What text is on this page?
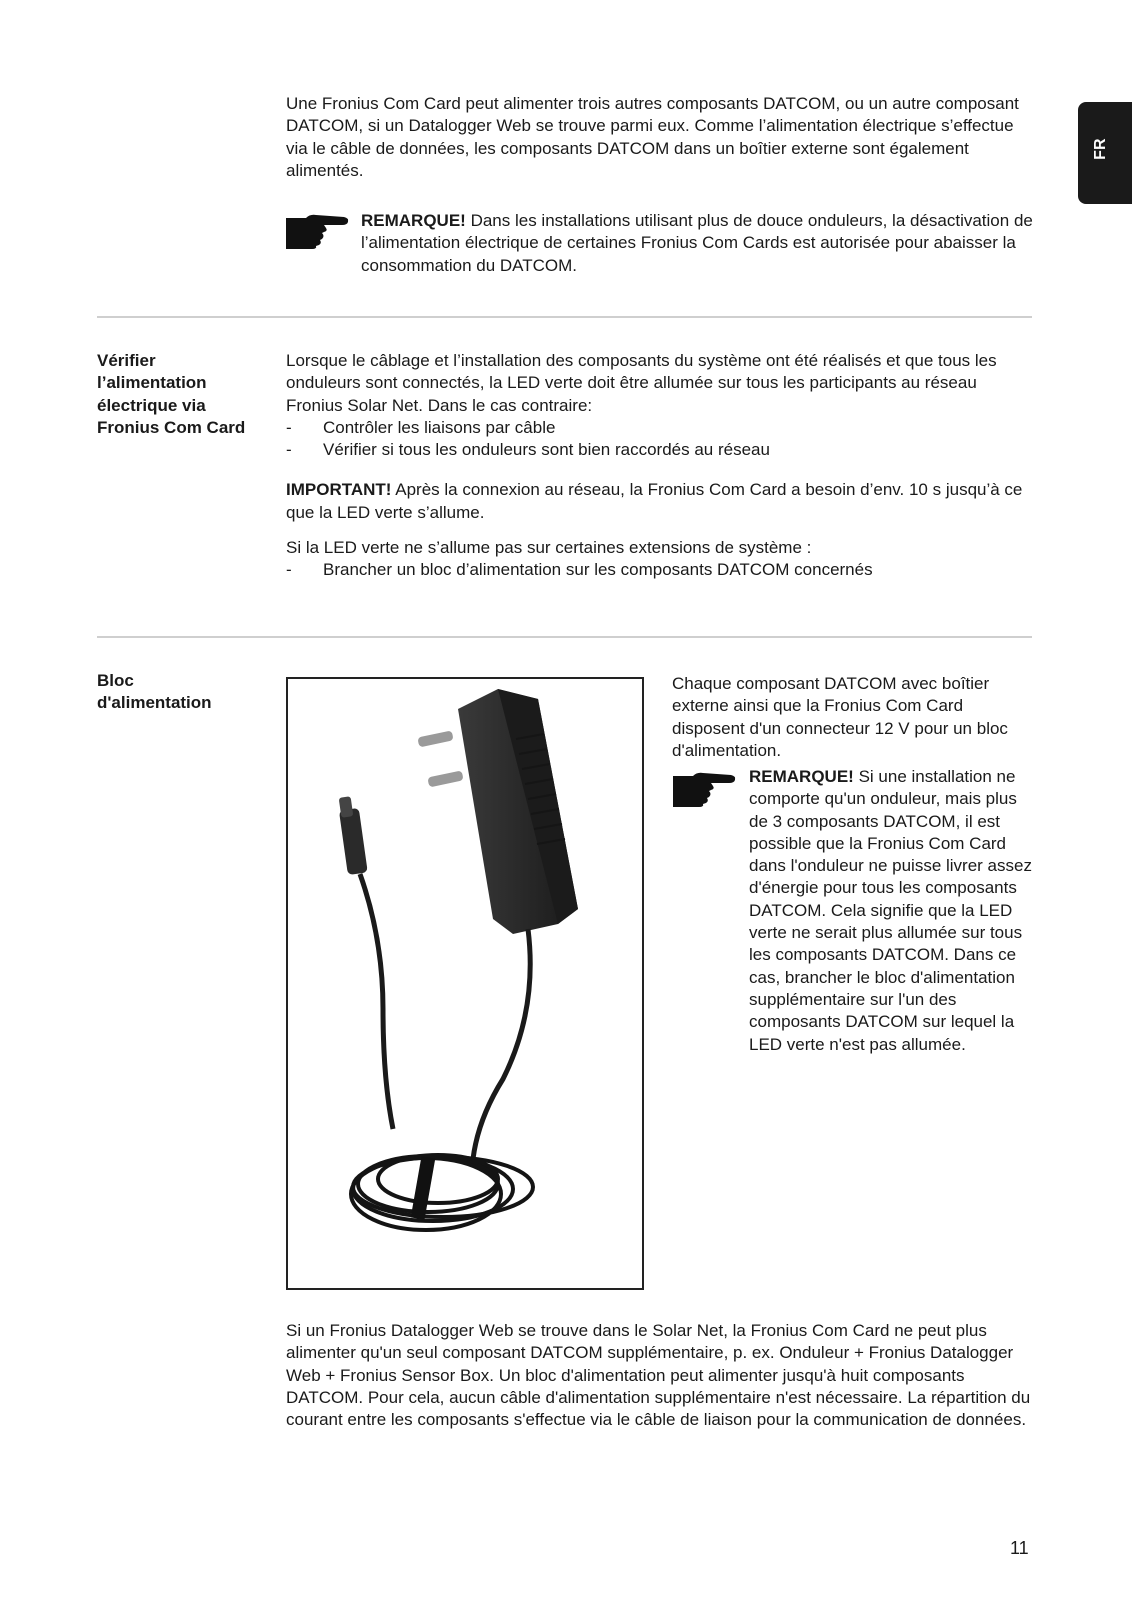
FR

Une Fronius Com Card peut alimenter trois autres composants DATCOM, ou un autre composant DATCOM, si un Datalogger Web se trouve parmi eux. Comme l’alimentation électrique s’effectue via le câble de données, les composants DATCOM dans un boîtier externe sont également alimentés.

REMARQUE! Dans les installations utilisant plus de douce onduleurs, la désactivation de l’alimentation électrique de certaines Fronius Com Cards est autorisée pour abaisser la consommation du DATCOM.

Vérifier l’alimentation électrique via Fronius Com Card

Lorsque le câblage et l’installation des composants du système ont été réalisés et que tous les onduleurs sont connectés, la LED verte doit être allumée sur tous les participants au réseau Fronius Solar Net. Dans le cas contraire:

- Contrôler les liaisons par câble
- Vérifier si tous les onduleurs sont bien raccordés au réseau

IMPORTANT! Après la connexion au réseau, la Fronius Com Card a besoin d’env. 10 s jusqu’à ce que la LED verte s’allume.

Si la LED verte ne s’allume pas sur certaines extensions de système :

- Brancher un bloc d’alimentation sur les composants DATCOM concernés

Bloc d'alimentation

Chaque composant DATCOM avec boîtier externe ainsi que la Fronius Com Card disposent d'un connecteur 12 V pour un bloc d'alimentation.

REMARQUE! Si une installation ne comporte qu'un onduleur, mais plus de 3 composants DATCOM, il est possible que la Fronius Com Card dans l'onduleur ne puisse livrer assez d'énergie pour tous les composants DATCOM. Cela signifie que la LED verte ne serait plus allumée sur tous les composants DATCOM. Dans ce cas, brancher le bloc d'alimentation supplémentaire sur l'un des composants DATCOM sur lequel la LED verte n'est pas allumée.

Si un Fronius Datalogger Web se trouve dans le Solar Net, la Fronius Com Card ne peut plus alimenter qu'un seul composant DATCOM supplémentaire, p. ex. Onduleur + Fronius Datalogger Web + Fronius Sensor Box. Un bloc d'alimentation peut alimenter jusqu'à huit composants DATCOM. Pour cela, aucun câble d'alimentation supplémentaire n'est nécessaire. La répartition du courant entre les composants s'effectue via le câble de liaison pour la communication de données.

11
